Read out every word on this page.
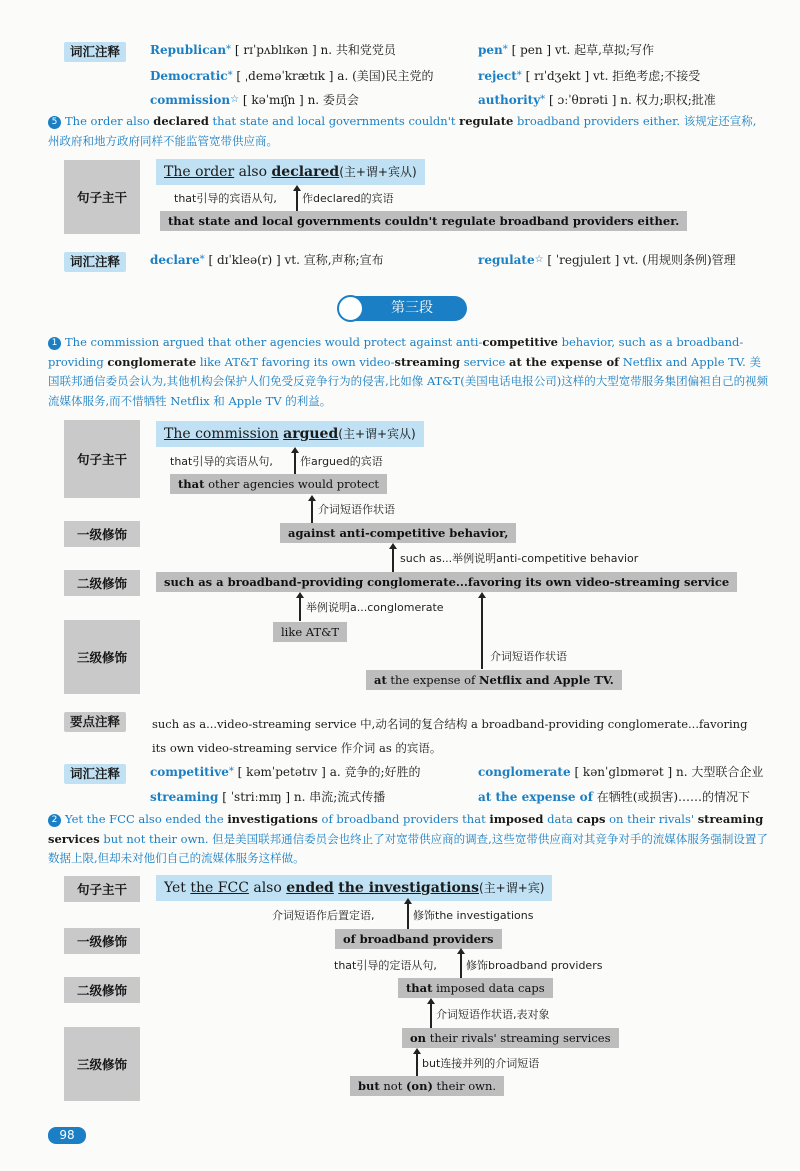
词汇注释	Republican* [ rɪˈpʌblɪkən ] n. 共和党党员	pen* [ pen ] vt. 起草,草拟;写作
Democratic* [ ˌdeməˈkrætɪk ] a. (美国)民主党的	reject* [ rɪˈdʒekt ] vt. 拒绝考虑;不接受
commission☆ [ kəˈmɪʃn ] n. 委员会	authority* [ ɔːˈθɒrəti ] n. 权力;职权;批准
5 The order also declared that state and local governments couldn't regulate broadband providers either. 该规定还宣称,
州政府和地方政府同样不能监管宽带供应商。
句子主干
The order also declared(主+谓+宾从)
that引导的宾语从句, 作declared的宾语
that state and local governments couldn't regulate broadband providers either.
词汇注释	declare* [ dɪˈkleə(r) ] vt. 宣称,声称;宣布	regulate☆ [ ˈregjuleɪt ] vt. (用规则条例)管理
第三段
1 The commission argued that other agencies would protect against anti-competitive behavior, such as a broadband-providing conglomerate like AT&T favoring its own video-streaming service at the expense of Netflix and Apple TV. 美国联邦通信委员会认为,其他机构会保护人们免受反竞争行为的侵害,比如像 AT&T(美国电话电报公司)这样的大型宽带服务集团偏袒自己的视频流媒体服务,而不惜牺牲 Netflix 和 Apple TV 的利益。
句子主干
一级修饰
二级修饰
三级修饰
The commission argued(主+谓+宾从)
that引导的宾语从句, 作argued的宾语
that other agencies would protect
介词短语作状语
against anti-competitive behavior,
such as...举例说明anti-competitive behavior
such as a broadband-providing conglomerate...favoring its own video-streaming service
举例说明a...conglomerate
like AT&T
介词短语作状语
at the expense of Netflix and Apple TV.
要点注释	such as a...video-streaming service 中,动名词的复合结构 a broadband-providing conglomerate...favoring
its own video-streaming service 作介词 as 的宾语。
词汇注释	competitive* [ kəmˈpetətɪv ] a. 竞争的;好胜的	conglomerate [ kənˈglɒmərət ] n. 大型联合企业
streaming [ ˈstriːmɪŋ ] n. 串流;流式传播	at the expense of 在牺牲(或损害)……的情况下
2 Yet the FCC also ended the investigations of broadband providers that imposed data caps on their rivals' streaming services but not their own. 但是美国联邦通信委员会也终止了对宽带供应商的调查,这些宽带供应商对其竞争对手的流媒体服务强制设置了数据上限,但却未对他们自己的流媒体服务这样做。
句子主干
一级修饰
二级修饰
三级修饰
Yet the FCC also ended the investigations(主+谓+宾)
介词短语作后置定语,	修饰the investigations
of broadband providers
that引导的定语从句,	修饰broadband providers
that imposed data caps
介词短语作状语,表对象
on their rivals' streaming services
but连接并列的介词短语
but not (on) their own.
98
